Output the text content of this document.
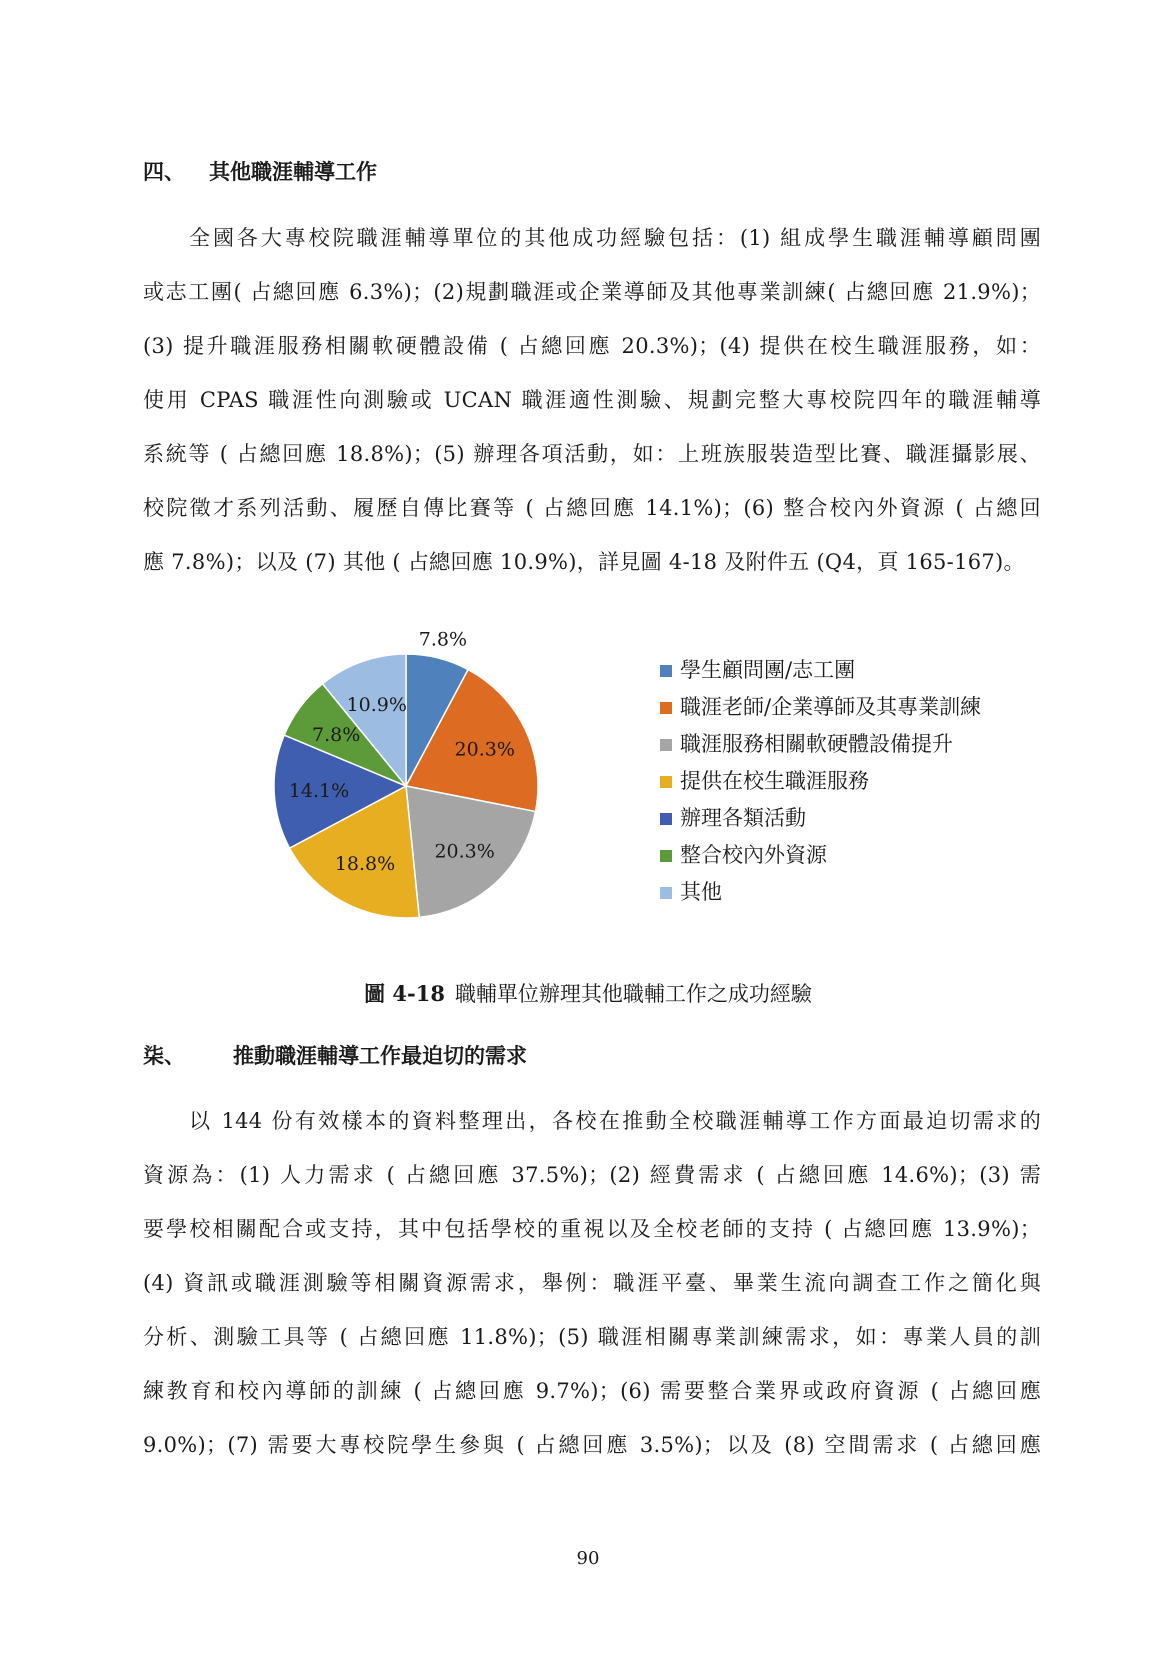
四、 其他職涯輔導工作
全國各大專校院職涯輔導單位的其他成功經驗包括：(1) 組成學生職涯輔導顧問團
或志工團( 占總回應 6.3%)；(2)規劃職涯或企業導師及其他專業訓練( 占總回應 21.9%)；
(3) 提升職涯服務相關軟硬體設備 ( 占總回應 20.3%)；(4) 提供在校生職涯服務，如：
使用 CPAS 職涯性向測驗或 UCAN 職涯適性測驗、規劃完整大專校院四年的職涯輔導
系統等 ( 占總回應 18.8%)；(5) 辦理各項活動，如：上班族服裝造型比賽、職涯攝影展、
校院徵才系列活動、履歷自傳比賽等 ( 占總回應 14.1%)；(6) 整合校內外資源 ( 占總回
應 7.8%)；以及 (7) 其他 ( 占總回應 10.9%)，詳見圖 4-18 及附件五 (Q4，頁 165-167)。
7.8%
20.3%
20.3%
18.8%
14.1%
7.8%
10.9%
學生顧問團/志工團
職涯老師/企業導師及其專業訓練
職涯服務相關軟硬體設備提升
提供在校生職涯服務
辦理各類活動
整合校內外資源
其他
圖 4-18 職輔單位辦理其他職輔工作之成功經驗
柒、 推動職涯輔導工作最迫切的需求
以 144 份有效樣本的資料整理出，各校在推動全校職涯輔導工作方面最迫切需求的
資源為：(1) 人力需求 ( 占總回應 37.5%)；(2) 經費需求 ( 占總回應 14.6%)；(3) 需
要學校相關配合或支持，其中包括學校的重視以及全校老師的支持 ( 占總回應 13.9%)；
(4) 資訊或職涯測驗等相關資源需求，舉例：職涯平臺、畢業生流向調查工作之簡化與
分析、測驗工具等 ( 占總回應 11.8%)；(5) 職涯相關專業訓練需求，如：專業人員的訓
練教育和校內導師的訓練 ( 占總回應 9.7%)；(6) 需要整合業界或政府資源 ( 占總回應
9.0%)；(7) 需要大專校院學生參與 ( 占總回應 3.5%)；以及 (8) 空間需求 ( 占總回應
90
